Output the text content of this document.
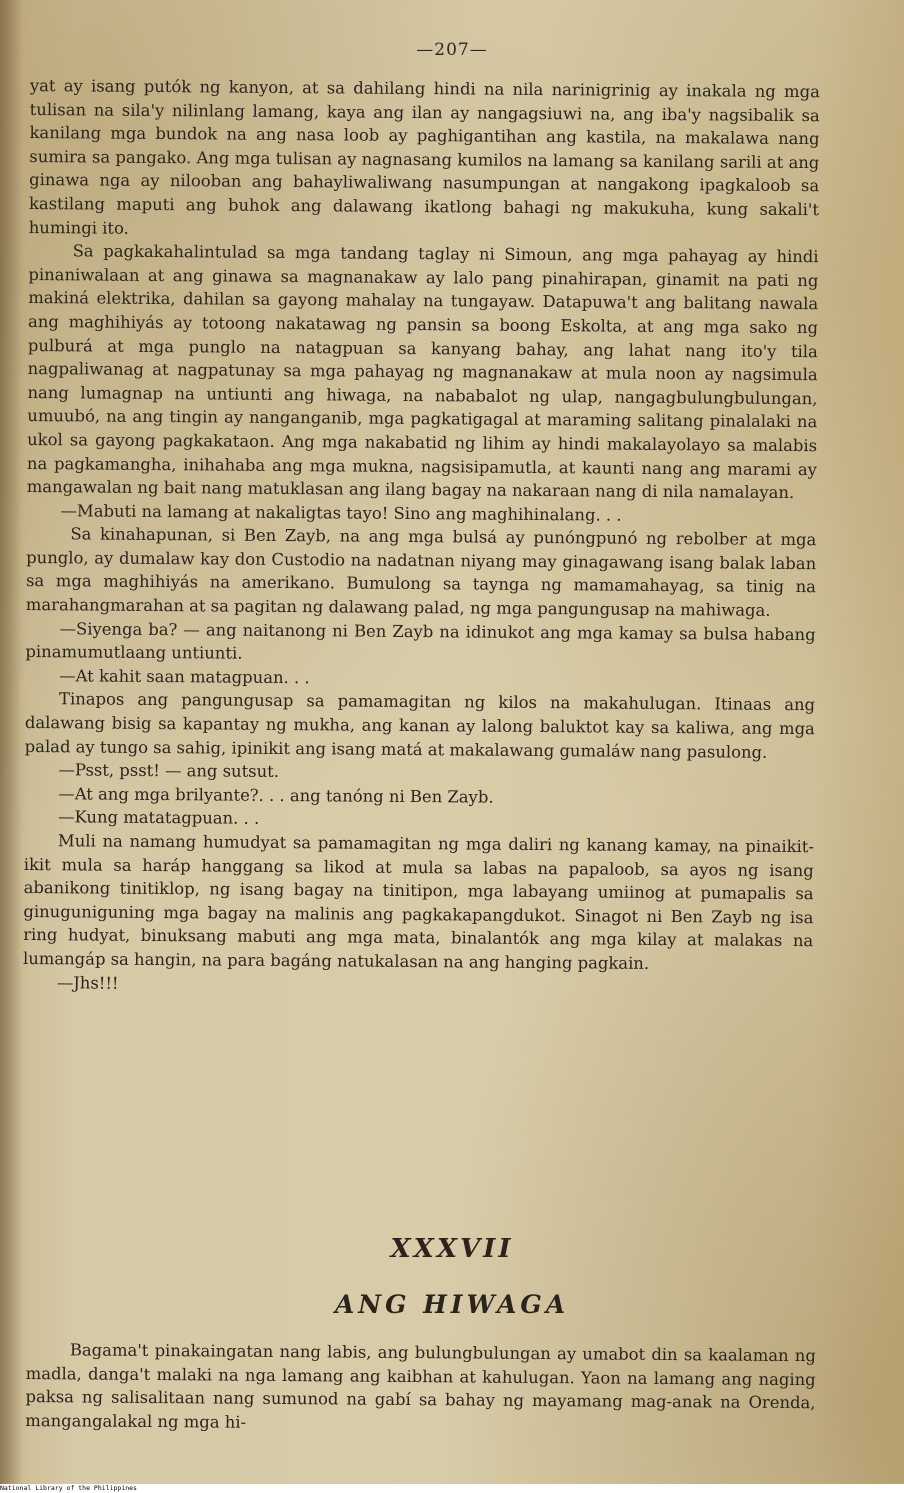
—207—

yat ay isang putók ng kanyon, at sa dahilang hindi na nila narinigrinig ay inakala ng mga tulisan na sila'y nilinlang lamang, kaya ang ilan ay nangagsiuwi na, ang iba'y nagsibalik sa kanilang mga bundok na ang nasa loob ay paghigantihan ang kastila, na makalawa nang sumira sa pangako. Ang mga tulisan ay nagnasang kumilos na lamang sa kanilang sarili at ang ginawa nga ay nilooban ang bahayliwaliwang nasumpungan at nangakong ipagkaloob sa kastilang maputi ang buhok ang dalawang ikatlong bahagi ng makukuha, kung sakali't humingi ito.

Sa pagkakahalintulad sa mga tandang taglay ni Simoun, ang mga pahayag ay hindi pinaniwalaan at ang ginawa sa magnanakaw ay lalo pang pinahirapan, ginamit na pati ng makiná elektrika, dahilan sa gayong mahalay na tungayaw. Datapuwa't ang balitang nawala ang maghihiyás ay totoong nakatawag ng pansin sa boong Eskolta, at ang mga sako ng pulburá at mga punglo na natagpuan sa kanyang bahay, ang lahat nang ito'y tila nagpaliwanag at nagpatunay sa mga pahayag ng magnanakaw at mula noon ay nagsimula nang lumagnap na untiunti ang hiwaga, na nababalot ng ulap, nangagbulungbulungan, umuubó, na ang tingin ay nanganganib, mga pagkatigagal at maraming salitang pinalalaki na ukol sa gayong pagkakataon. Ang mga nakabatid ng lihim ay hindi makalayolayo sa malabis na pagkamangha, inihahaba ang mga mukna, nagsisipamutla, at kaunti nang ang marami ay mangawalan ng bait nang matuklasan ang ilang bagay na nakaraan nang di nila namalayan.

—Mabuti na lamang at nakaligtas tayo! Sino ang maghihinalang. . .

Sa kinahapunan, si Ben Zayb, na ang mga bulsá ay punóngpunó ng rebolber at mga punglo, ay dumalaw kay don Custodio na nadatnan niyang may ginagawang isang balak laban sa mga maghihiyás na amerikano. Bumulong sa taynga ng mamamahayag, sa tinig na marahangmarahan at sa pagitan ng dalawang palad, ng mga pangungusap na mahiwaga.

—Siyenga ba? — ang naitanong ni Ben Zayb na idinukot ang mga kamay sa bulsa habang pinamumutlaang untiunti.

—At kahit saan matagpuan. . .

Tinapos ang pangungusap sa pamamagitan ng kilos na makahulugan. Itinaas ang dalawang bisig sa kapantay ng mukha, ang kanan ay lalong baluktot kay sa kaliwa, ang mga palad ay tungo sa sahig, ipinikit ang isang matá at makalawang gumaláw nang pasulong.

—Psst, psst! — ang sutsut.

—At ang mga brilyante?. . . ang tanóng ni Ben Zayb.

—Kung matatagpuan. . .

Muli na namang humudyat sa pamamagitan ng mga daliri ng kanang kamay, na pinaikit-ikit mula sa haráp hanggang sa likod at mula sa labas na papaloob, sa ayos ng isang abanikong tinitiklop, ng isang bagay na tinitipon, mga labayang umiinog at pumapalis sa ginuguniguning mga bagay na malinis ang pagkakapangdukot. Sinagot ni Ben Zayb ng isa ring hudyat, binuksang mabuti ang mga mata, binalantók ang mga kilay at malakas na lumangáp sa hangin, na para bagáng natukalasan na ang hanging pagkain.

—Jhs!!!

XXXVII
ANG HIWAGA

Bagama't pinakaingatan nang labis, ang bulungbulungan ay umabot din sa kaalaman ng madla, danga't malaki na nga lamang ang kaibhan at kahulugan. Yaon na lamang ang naging paksa ng salisalitaan nang sumunod na gabí sa bahay ng mayamang mag-anak na Orenda, mangangalakal ng mga hi-

National Library of the Philippines
